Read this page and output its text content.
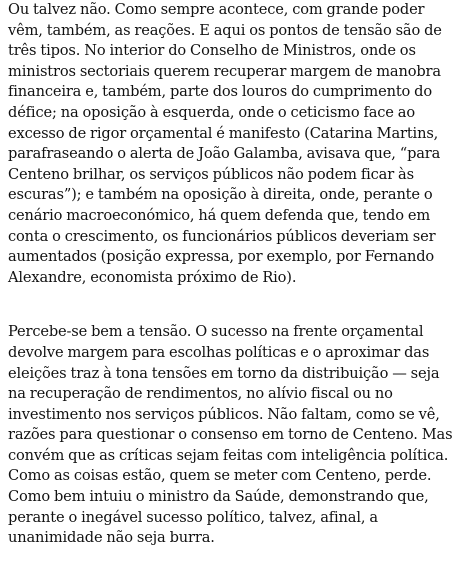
Ou talvez não. Como sempre acontece, com grande poder
vêm, também, as reações. E aqui os pontos de tensão são de
três tipos. No interior do Conselho de Ministros, onde os
ministros sectoriais querem recuperar margem de manobra
financeira e, também, parte dos louros do cumprimento do
défice; na oposição à esquerda, onde o ceticismo face ao
excesso de rigor orçamental é manifesto (Catarina Martins,
parafraseando o alerta de João Galamba, avisava que, “para
Centeno brilhar, os serviços públicos não podem ficar às
escuras”); e também na oposição à direita, onde, perante o
cenário macroeconómico, há quem defenda que, tendo em
conta o crescimento, os funcionários públicos deveriam ser
aumentados (posição expressa, por exemplo, por Fernando
Alexandre, economista próximo de Rio).
Percebe-se bem a tensão. O sucesso na frente orçamental
devolve margem para escolhas políticas e o aproximar das
eleições traz à tona tensões em torno da distribuição — seja
na recuperação de rendimentos, no alívio fiscal ou no
investimento nos serviços públicos. Não faltam, como se vê,
razões para questionar o consenso em torno de Centeno. Mas
convém que as críticas sejam feitas com inteligência política.
Como as coisas estão, quem se meter com Centeno, perde.
Como bem intuiu o ministro da Saúde, demonstrando que,
perante o inegável sucesso político, talvez, afinal, a
unanimidade não seja burra.
